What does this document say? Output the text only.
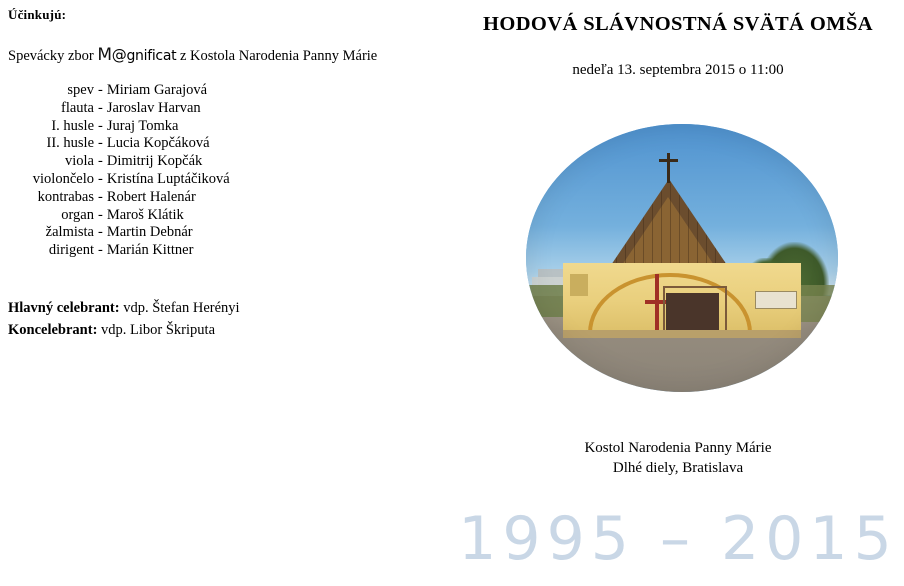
Účinkujú:
Spevácky zbor M@gnificat z Kostola Narodenia Panny Márie
spev - Miriam Garajová
flauta - Jaroslav Harvan
I. husle - Juraj Tomka
II. husle - Lucia Kopčáková
viola - Dimitrij Kopčák
violončelo - Kristína Luptáčiková
kontrabas - Robert Halenár
organ - Maroš Klátik
žalmista - Martin Debnár
dirigent - Marián Kittner
Hlavný celebrant: vdp. Štefan Herényi
Koncelebrant: vdp. Libor Škriputa
HODOVÁ SLÁVNOSTNÁ SVÄTÁ OMŠA
nedeľa 13. septembra 2015 o 11:00
Kostol Narodenia Panny Márie
Dlhé diely, Bratislava
1995 – 2015
